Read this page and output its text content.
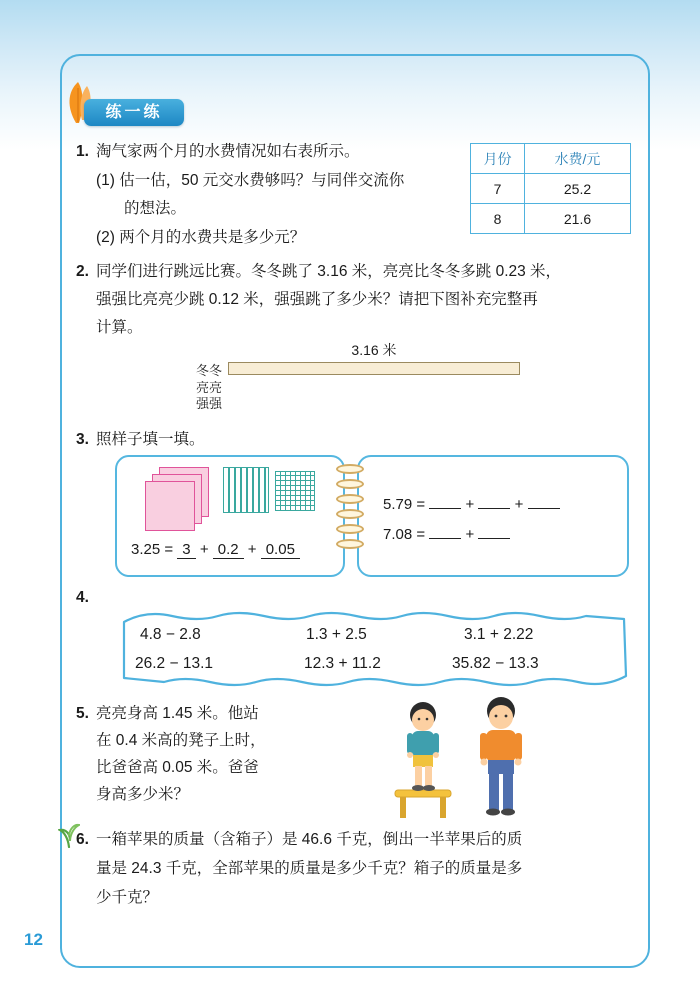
练一练
1. 淘气家两个月的水费情况如右表所示。
(1) 估一估，50 元交水费够吗？与同伴交流你
的想法。
(2) 两个月的水费共是多少元？
月份	水费/元
7	25.2
8	21.6
2. 同学们进行跳远比赛。冬冬跳了 3.16 米，亮亮比冬冬多跳 0.23 米，
强强比亮亮少跳 0.12 米，强强跳了多少米？请把下图补充完整再
计算。
3.16 米
冬冬
亮亮
强强
3. 照样子填一填。
3.25 = 3 + 0.2 + 0.05
5.79 =	+	+
7.08 =	+
4.
4.8 − 2.8	1.3 + 2.5	3.1 + 2.22
26.2 − 13.1	12.3 + 11.2	35.82 − 13.3
5. 亮亮身高 1.45 米。他站
在 0.4 米高的凳子上时，
比爸爸高 0.05 米。爸爸
身高多少米？
6. 一箱苹果的质量（含箱子）是 46.6 千克，倒出一半苹果后的质
量是 24.3 千克，全部苹果的质量是多少千克？箱子的质量是多
少千克？
12
